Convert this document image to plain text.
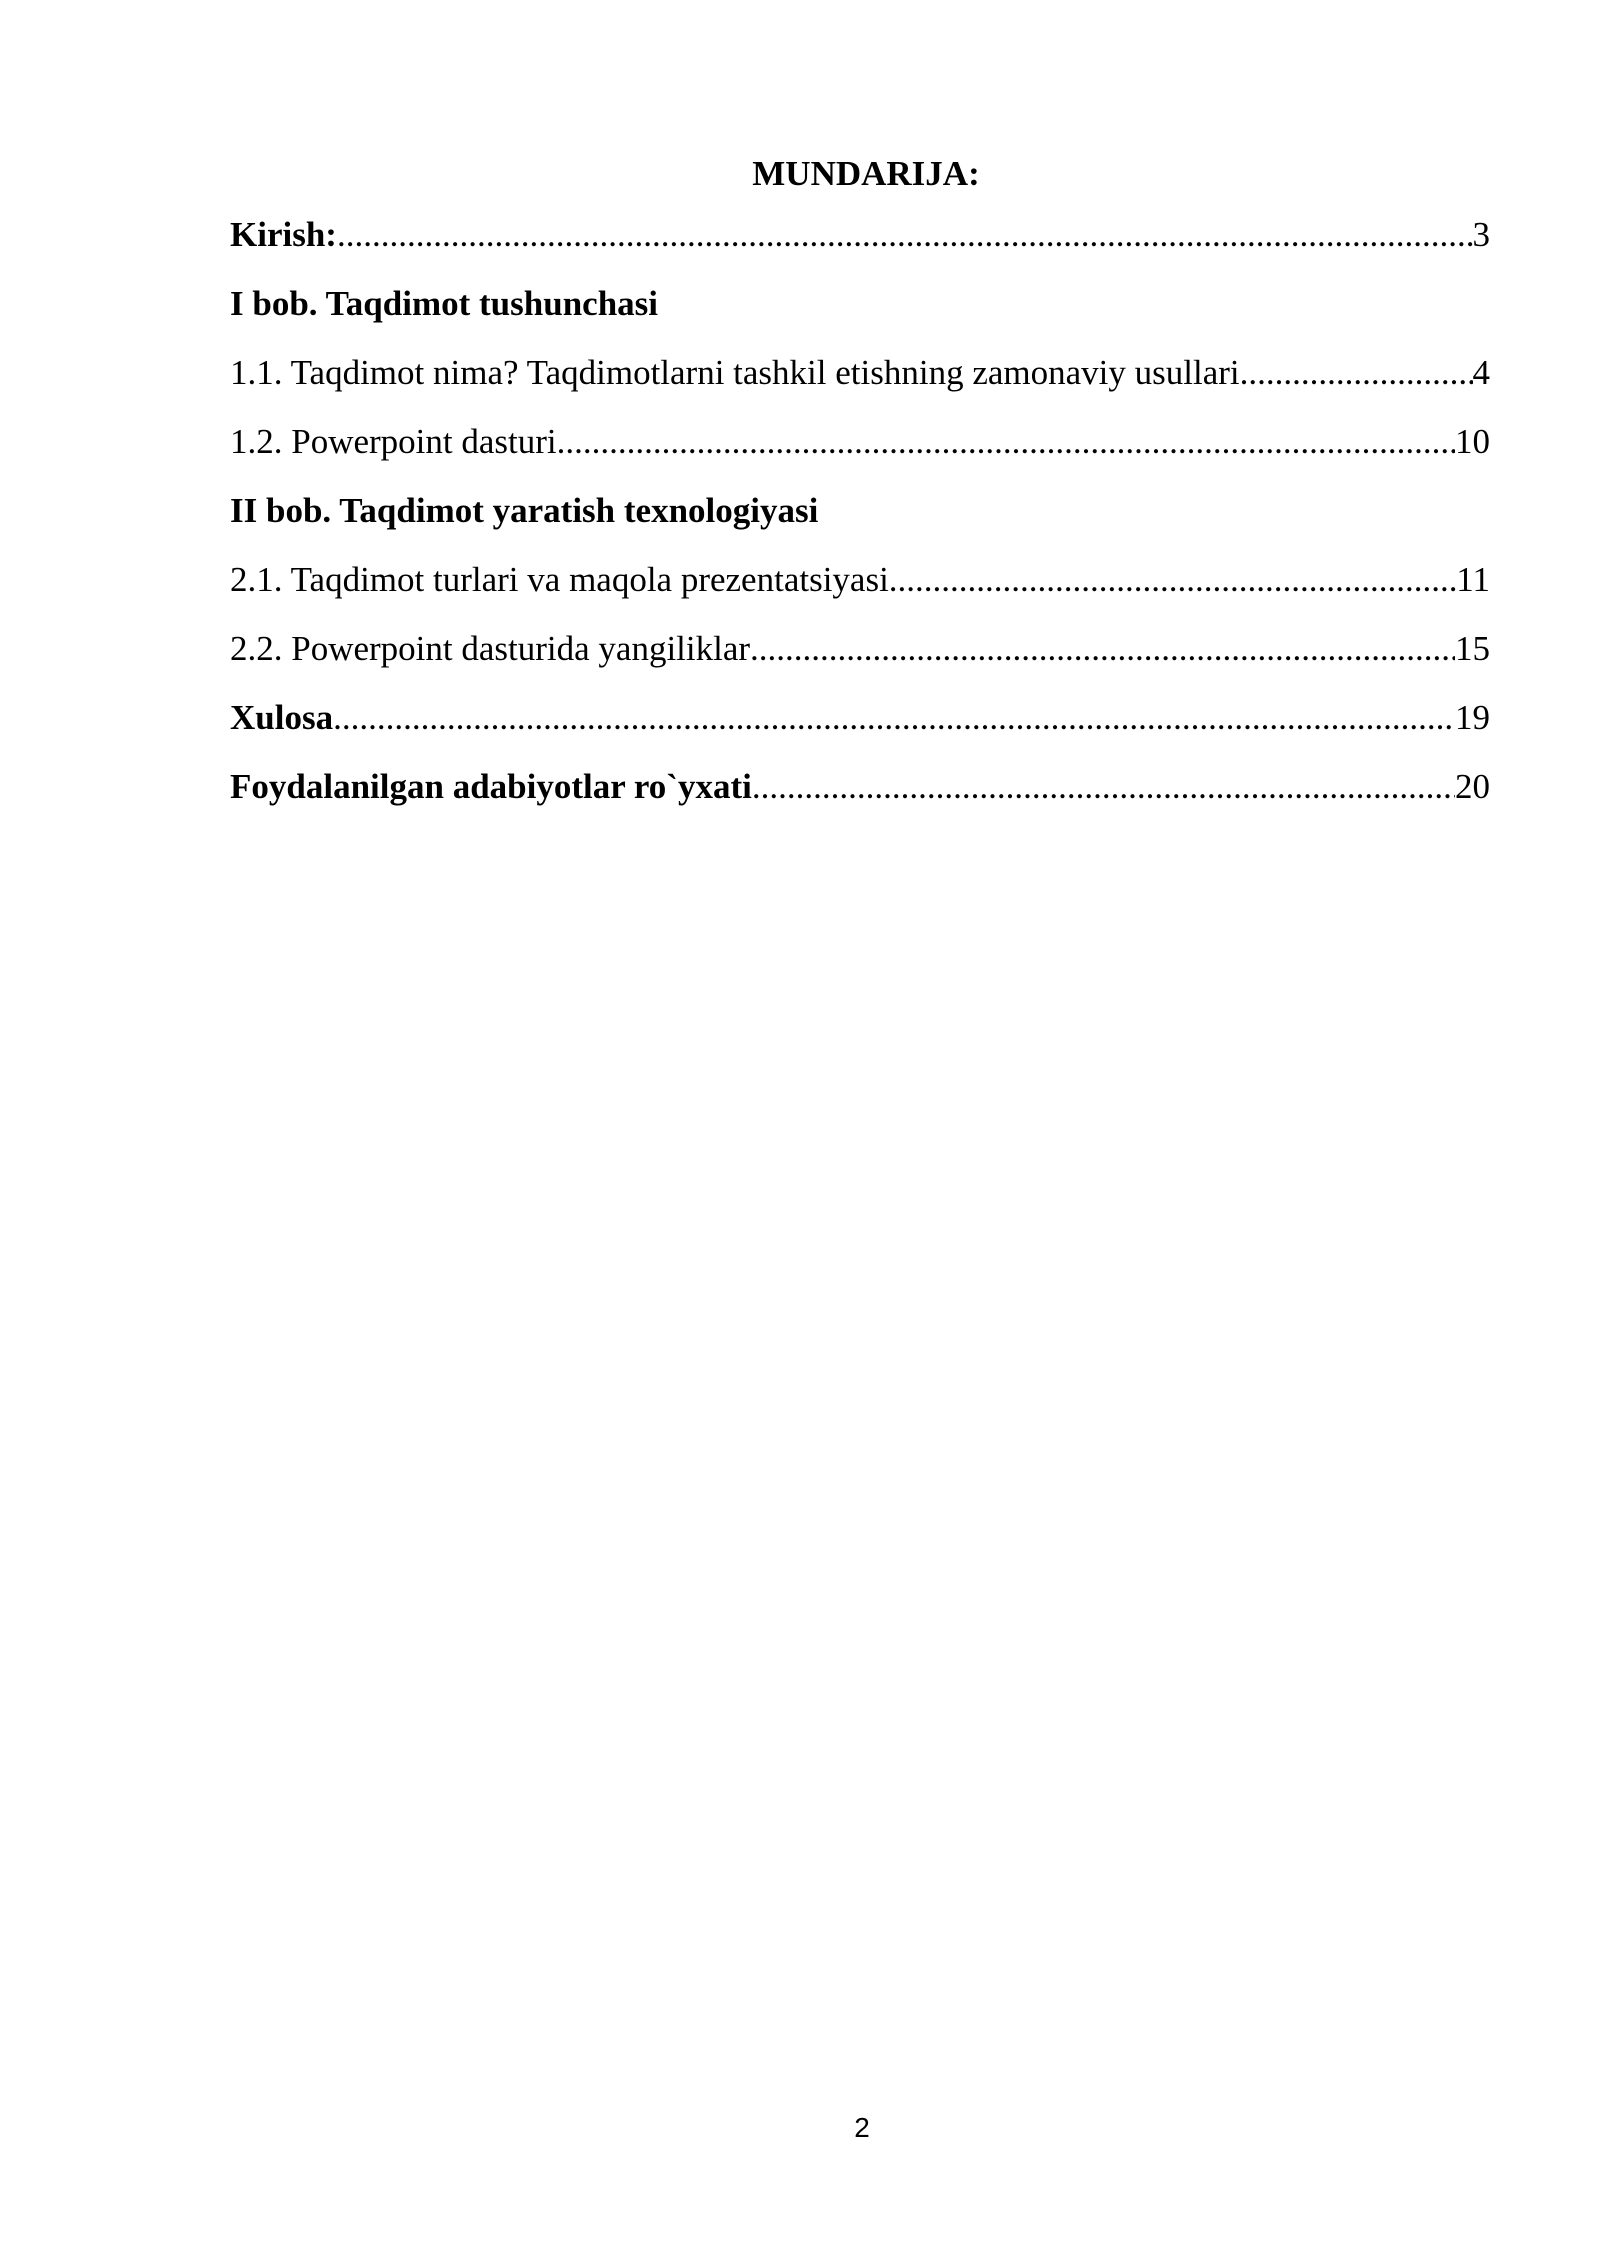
MUNDARIJA:
Kirish: .....	3
I bob. Taqdimot tushunchasi
1.1. Taqdimot nima? Taqdimotlarni tashkil etishning zamonaviy usullari .....	4
1.2. Powerpoint dasturi .....	10
II bob. Taqdimot yaratish texnologiyasi
2.1. Taqdimot turlari va maqola prezentatsiyasi .....	11
2.2. Powerpoint dasturida yangiliklar .....	15
Xulosa .....	19
Foydalanilgan adabiyotlar ro`yxati .....	20
2
